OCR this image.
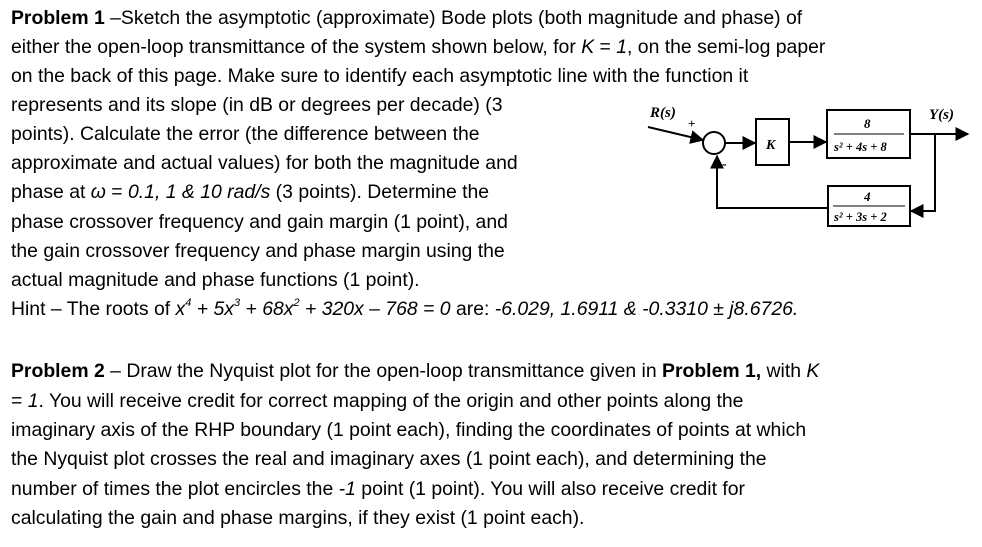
Problem 1 –Sketch the asymptotic (approximate) Bode plots (both magnitude and phase) of
either the open-loop transmittance of the system shown below, for K = 1, on the semi-log paper
on the back of this page. Make sure to identify each asymptotic line with the function it
represents and its slope (in dB or degrees per decade) (3
points). Calculate the error (the difference between the
approximate and actual values) for both the magnitude and
phase at ω = 0.1, 1 & 10 rad/s (3 points). Determine the
phase crossover frequency and gain margin (1 point), and
the gain crossover frequency and phase margin using the
actual magnitude and phase functions (1 point).
Hint – The roots of $x^4 + 5x^3 + 68x^2 + 320x - 768 = 0$ are: -6.029, 1.6911 & -0.3310 ± j8.6726.
R(s)
+
-
K
8
s² + 4s + 8
Y(s)
4
s² + 3s + 2
Problem 2 – Draw the Nyquist plot for the open-loop transmittance given in Problem 1, with K
= 1. You will receive credit for correct mapping of the origin and other points along the
imaginary axis of the RHP boundary (1 point each), finding the coordinates of points at which
the Nyquist plot crosses the real and imaginary axes (1 point each), and determining the
number of times the plot encircles the -1 point (1 point). You will also receive credit for
calculating the gain and phase margins, if they exist (1 point each).
